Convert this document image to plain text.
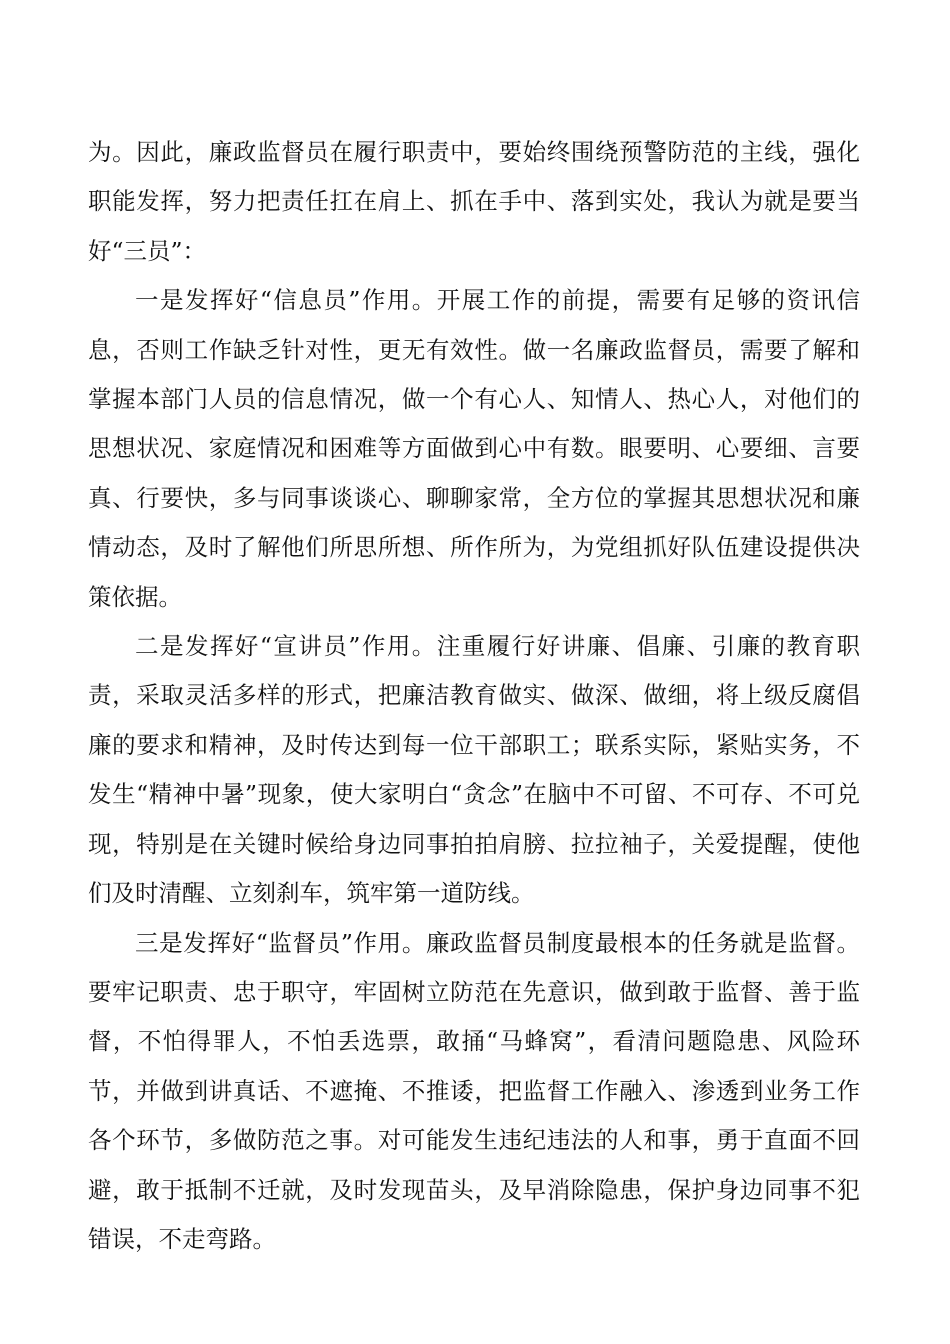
为。因此，廉政监督员在履行职责中，要始终围绕预警防范的主线，强化职能发挥，努力把责任扛在肩上、抓在手中、落到实处，我认为就是要当好“三员”：

一是发挥好“信息员”作用。开展工作的前提，需要有足够的资讯信息，否则工作缺乏针对性，更无有效性。做一名廉政监督员，需要了解和掌握本部门人员的信息情况，做一个有心人、知情人、热心人，对他们的思想状况、家庭情况和困难等方面做到心中有数。眼要明、心要细、言要真、行要快，多与同事谈谈心、聊聊家常，全方位的掌握其思想状况和廉情动态，及时了解他们所思所想、所作所为，为党组抓好队伍建设提供决策依据。

二是发挥好“宣讲员”作用。注重履行好讲廉、倡廉、引廉的教育职责，采取灵活多样的形式，把廉洁教育做实、做深、做细，将上级反腐倡廉的要求和精神，及时传达到每一位干部职工；联系实际，紧贴实务，不发生“精神中暑”现象，使大家明白“贪念”在脑中不可留、不可存、不可兑现，特别是在关键时候给身边同事拍拍肩膀、拉拉袖子，关爱提醒，使他们及时清醒、立刻刹车，筑牢第一道防线。

三是发挥好“监督员”作用。廉政监督员制度最根本的任务就是监督。要牢记职责、忠于职守，牢固树立防范在先意识，做到敢于监督、善于监督，不怕得罪人，不怕丢选票，敢捅“马蜂窝”，看清问题隐患、风险环节，并做到讲真话、不遮掩、不推诿，把监督工作融入、渗透到业务工作各个环节，多做防范之事。对可能发生违纪违法的人和事，勇于直面不回避，敢于抵制不迁就，及时发现苗头，及早消除隐患，保护身边同事不犯错误，不走弯路。
